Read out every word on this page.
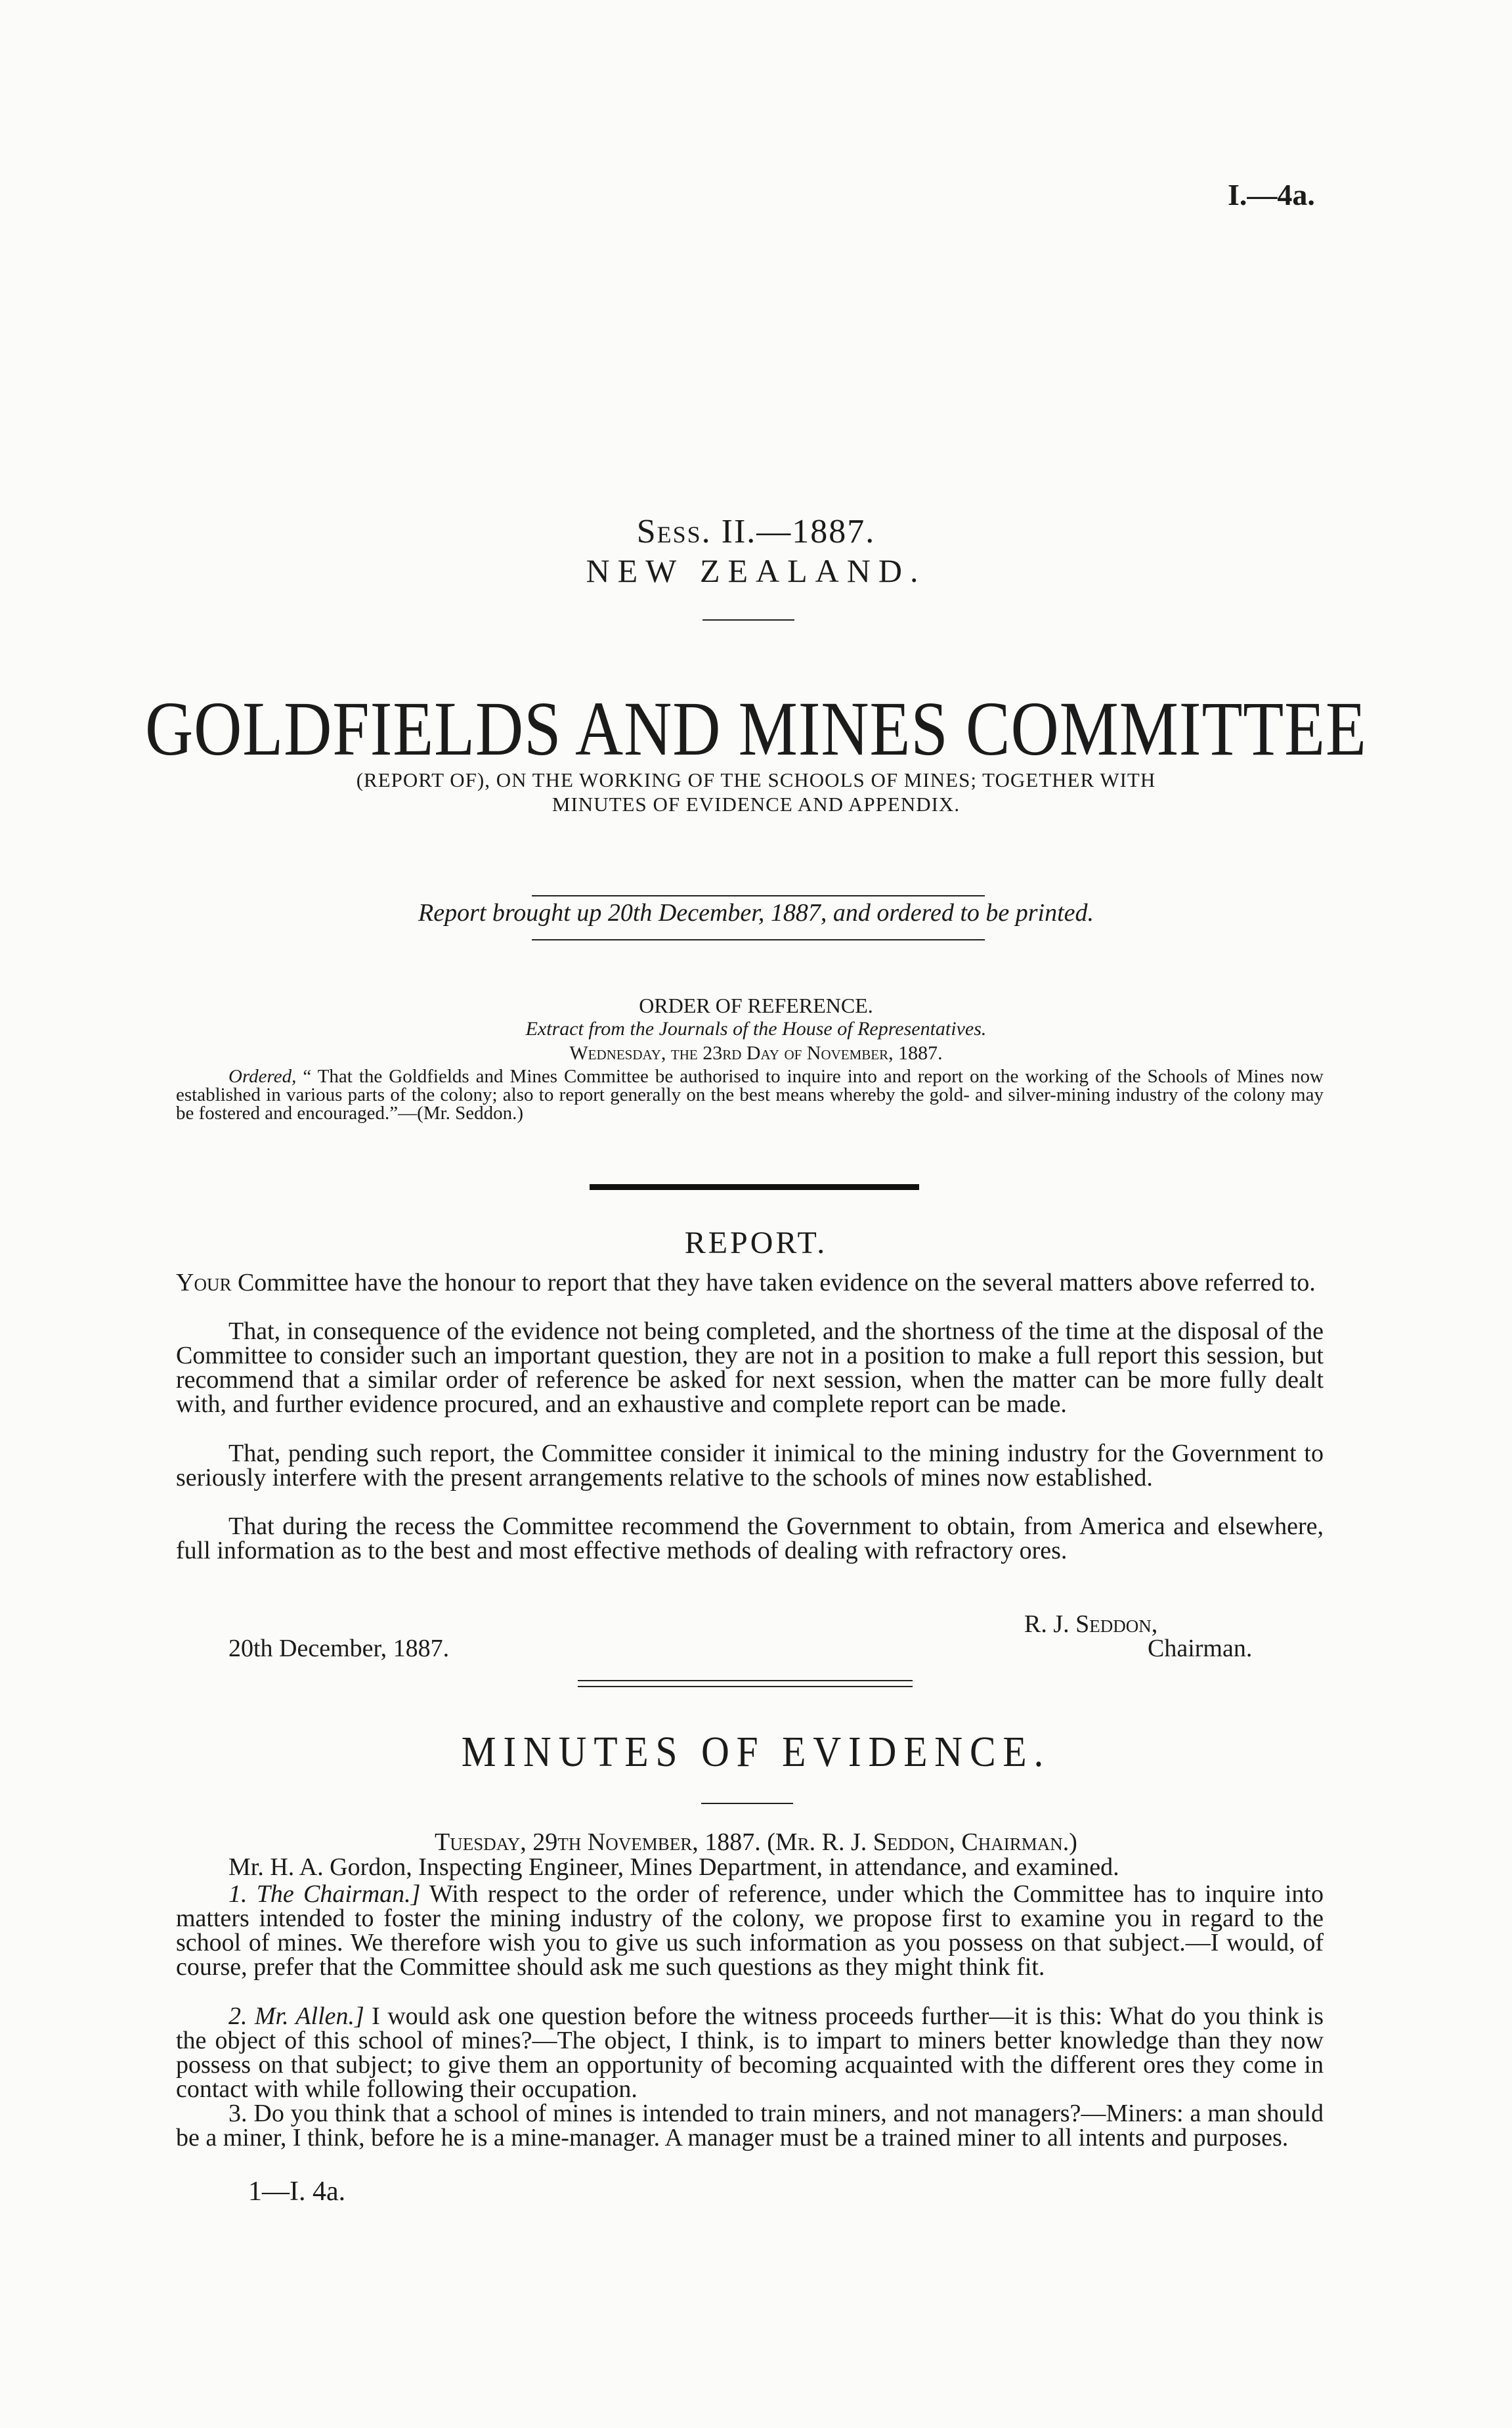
I.—4a.
Sess. II.—1887.
NEW ZEALAND.
GOLDFIELDS AND MINES COMMITTEE
(REPORT OF), ON THE WORKING OF THE SCHOOLS OF MINES; TOGETHER WITH
MINUTES OF EVIDENCE AND APPENDIX.
Report brought up 20th December, 1887, and ordered to be printed.
ORDER OF REFERENCE.
Extract from the Journals of the House of Representatives.
Wednesday, the 23rd Day of November, 1887.

Ordered, “ That the Goldfields and Mines Committee be authorised to inquire into and report on the working of the Schools of Mines now established in various parts of the colony; also to report generally on the best means whereby the gold- and silver-mining industry of the colony may be fostered and encouraged.”—(Mr. Seddon.)

REPORT.

Your Committee have the honour to report that they have taken evidence on the several matters above referred to.

That, in consequence of the evidence not being completed, and the shortness of the time at the disposal of the Committee to consider such an important question, they are not in a position to make a full report this session, but recommend that a similar order of reference be asked for next session, when the matter can be more fully dealt with, and further evidence procured, and an exhaustive and complete report can be made.

That, pending such report, the Committee consider it inimical to the mining industry for the Government to seriously interfere with the present arrangements relative to the schools of mines now established.

That during the recess the Committee recommend the Government to obtain, from America and elsewhere, full information as to the best and most effective methods of dealing with refractory ores.

R. J. Seddon,
20th December, 1887.	Chairman.
MINUTES OF EVIDENCE.
Tuesday, 29th November, 1887. (Mr. R. J. Seddon, Chairman.)

Mr. H. A. Gordon, Inspecting Engineer, Mines Department, in attendance, and examined.

1. The Chairman.] With respect to the order of reference, under which the Committee has to inquire into matters intended to foster the mining industry of the colony, we propose first to examine you in regard to the school of mines. We therefore wish you to give us such information as you possess on that subject.—I would, of course, prefer that the Committee should ask me such questions as they might think fit.

2. Mr. Allen.] I would ask one question before the witness proceeds further—it is this: What do you think is the object of this school of mines?—The object, I think, is to impart to miners better knowledge than they now possess on that subject; to give them an opportunity of becoming acquainted with the different ores they come in contact with while following their occupation.

3. Do you think that a school of mines is intended to train miners, and not managers?—Miners: a man should be a miner, I think, before he is a mine-manager. A manager must be a trained miner to all intents and purposes.

1—I. 4a.
